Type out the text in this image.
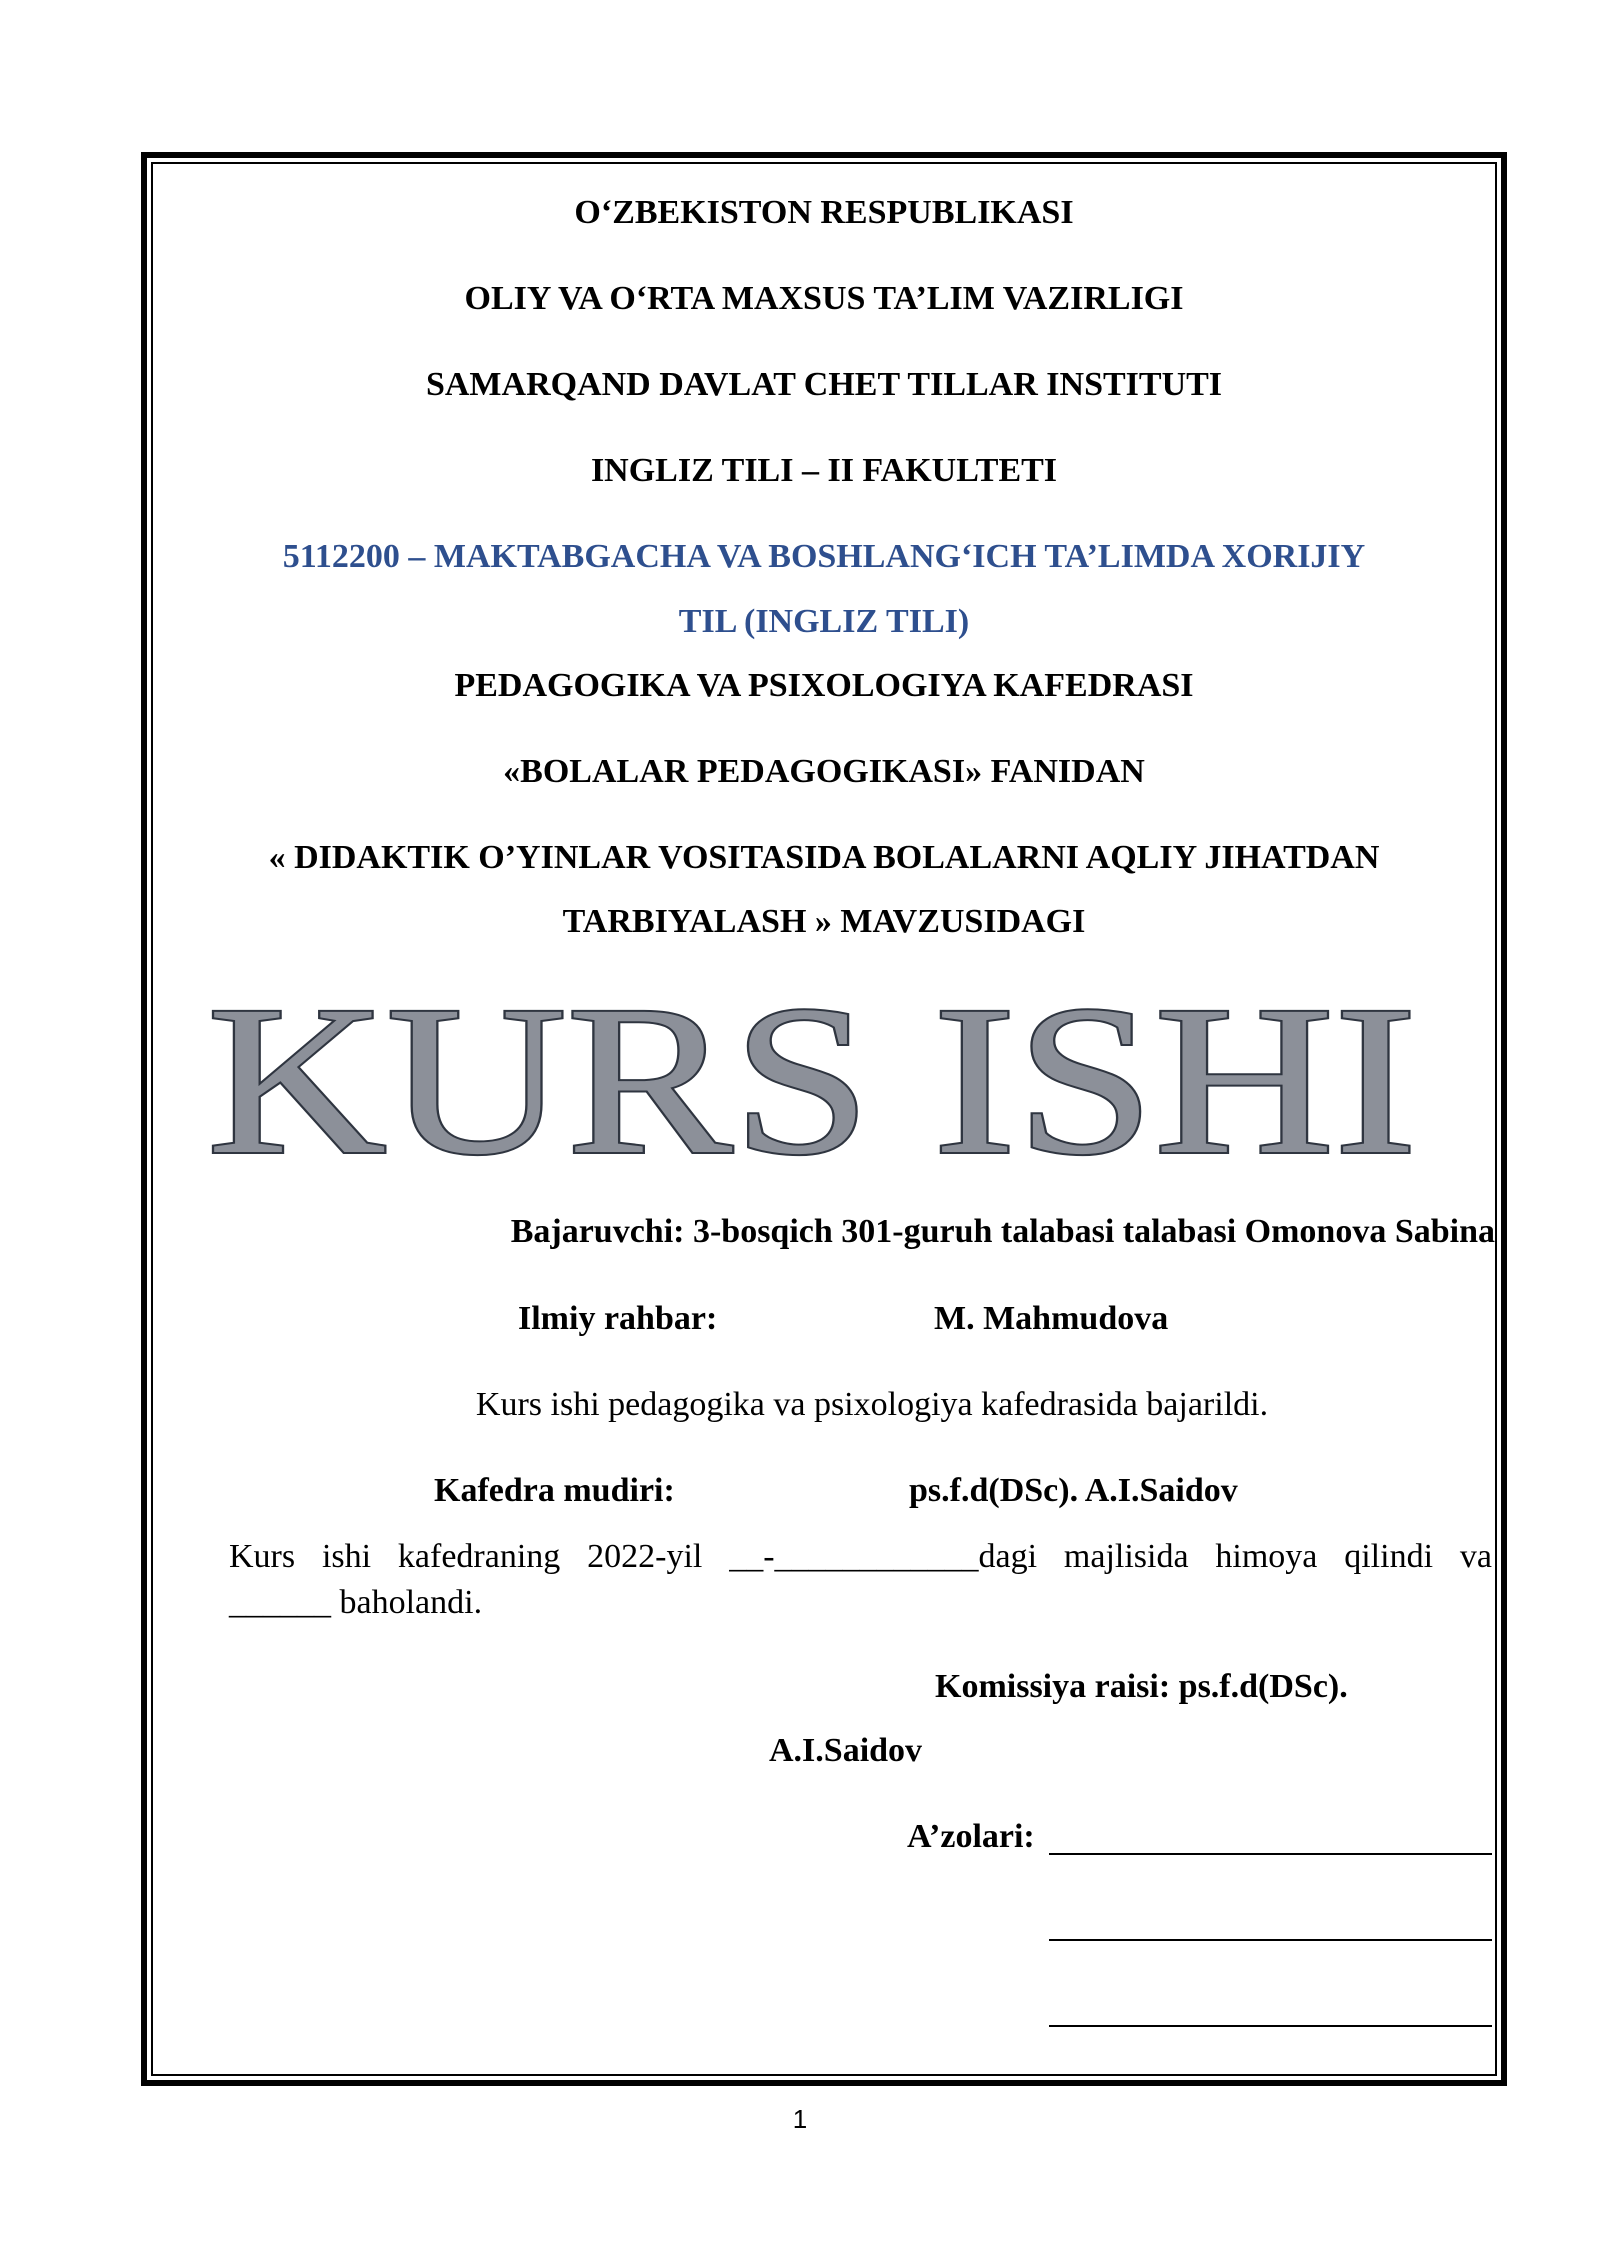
O‘ZBEKISTON RESPUBLIKASI
OLIY VA O‘RTA MAXSUS TA’LIM VAZIRLIGI
SAMARQAND DAVLAT CHET TILLAR INSTITUTI
INGLIZ TILI – II FAKULTETI
5112200 – MAKTABGACHA VA BOSHLANG‘ICH TA’LIMDA XORIJIY
TIL (INGLIZ TILI)
PEDAGOGIKA VA PSIXOLOGIYA KAFEDRASI
«BOLALAR PEDAGOGIKASI» FANIDAN
« DIDAKTIK O’YINLAR VOSITASIDA BOLALARNI AQLIY JIHATDAN
TARBIYALASH » MAVZUSIDAGI
KURS ISHI
Bajaruvchi: 3-bosqich 301-guruh talabasi talabasi Omonova Sabina
Ilmiy rahbar:	M. Mahmudova
Kurs ishi pedagogika va psixologiya kafedrasida bajarildi.
Kafedra mudiri:	ps.f.d(DSc). A.I.Saidov
Kurs ishi kafedraning 2022-yil __-____________dagi majlisida himoya qilindi va
______ baholandi.
Komissiya raisi: ps.f.d(DSc).
A.I.Saidov
A’zolari:
1
